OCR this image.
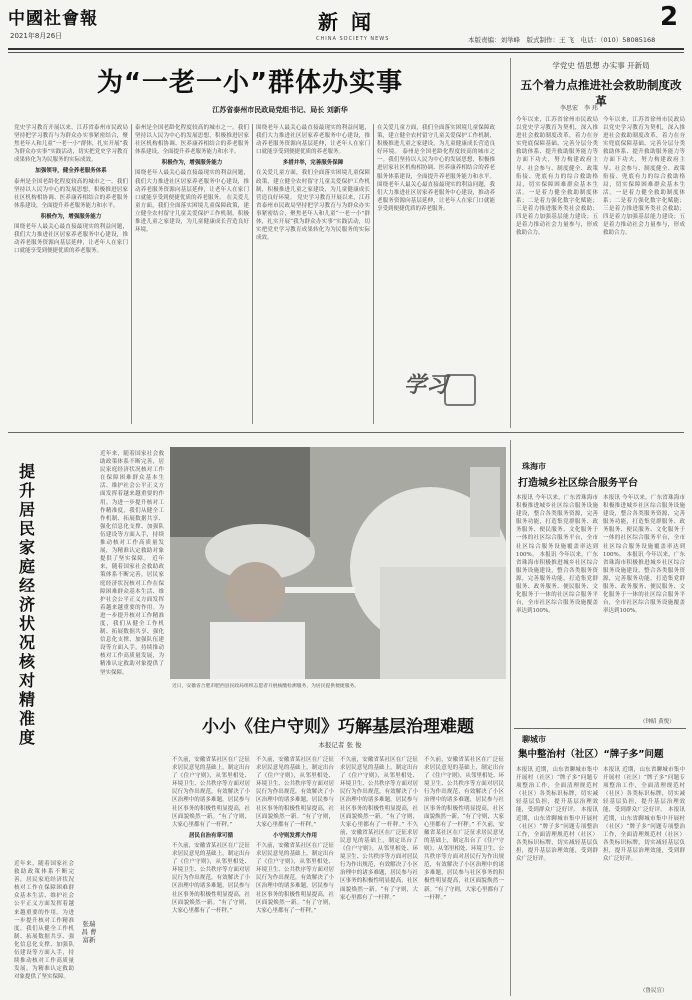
中國社會報
2021年8月26日
新 闻
CHINA SOCIETY NEWS	本版责编：刘举峰　版式制作：王 飞　电话：（010）58085168
2
为“一老一小”群体办实事
江苏省泰州市民政局党组书记、局长 刘新华
党史学习教育开展以来，江苏省泰州市民政局坚持把学习教育与为群众办实事紧密结合，聚焦老年人和儿童“一老一小”群体，扎实开展“我为群众办实事”实践活动，切实把党史学习教育成果转化为为民服务的实际成效。
加强领导，健全养老服务体系
泰州是全国老龄化程度较高的城市之一。我们坚持以人民为中心的发展思想，积极推进居家社区机构相协调、医养康养相结合的养老服务体系建设，全面提升养老服务能力和水平。
积极作为，增强服务能力
围绕老年人最关心最直接最现实的利益问题，我们大力推进社区居家养老服务中心建设，推动养老服务资源向基层延伸，让老年人在家门口就能享受到便捷优质的养老服务。
泰州是全国老龄化程度较高的城市之一。我们坚持以人民为中心的发展思想，积极推进居家社区机构相协调、医养康养相结合的养老服务体系建设，全面提升养老服务能力和水平。
积极作为，增强服务能力
围绕老年人最关心最直接最现实的利益问题，我们大力推进社区居家养老服务中心建设，推动养老服务资源向基层延伸，让老年人在家门口就能享受到便捷优质的养老服务。 在关爱儿童方面，我们全面落实困境儿童保障政策，建立健全农村留守儿童关爱保护工作机制，积极推进儿童之家建设，为儿童健康成长营造良好环境。
围绕老年人最关心最直接最现实的利益问题，我们大力推进社区居家养老服务中心建设，推动养老服务资源向基层延伸，让老年人在家门口就能享受到便捷优质的养老服务。
多措并举，完善服务保障
在关爱儿童方面，我们全面落实困境儿童保障政策，建立健全农村留守儿童关爱保护工作机制，积极推进儿童之家建设，为儿童健康成长营造良好环境。 党史学习教育开展以来，江苏省泰州市民政局坚持把学习教育与为群众办实事紧密结合，聚焦老年人和儿童“一老一小”群体，扎实开展“我为群众办实事”实践活动，切实把党史学习教育成果转化为为民服务的实际成效。
在关爱儿童方面，我们全面落实困境儿童保障政策，建立健全农村留守儿童关爱保护工作机制，积极推进儿童之家建设，为儿童健康成长营造良好环境。 泰州是全国老龄化程度较高的城市之一。我们坚持以人民为中心的发展思想，积极推进居家社区机构相协调、医养康养相结合的养老服务体系建设，全面提升养老服务能力和水平。 围绕老年人最关心最直接最现实的利益问题，我们大力推进社区居家养老服务中心建设，推动养老服务资源向基层延伸，让老年人在家门口就能享受到便捷优质的养老服务。
学习
学党史 悟思想 办实事 开新局
五个着力点推进社会救助制度改革
李思宏　李 玮
今年以来，江苏省徐州市民政局以党史学习教育为契机，深入推进社会救助制度改革，着力在夯实兜底保障基础、完善分层分类救助体系、提升救助服务能力等方面下功夫，努力构建政府主导、社会参与、制度健全、政策衔接、兜底有力的综合救助格局，切实保障困难群众基本生活。一是着力健全救助制度体系；二是着力强化数字化赋能；三是着力推进服务类社会救助；四是着力加强基层能力建设；五是着力推动社会力量参与，形成救助合力。
今年以来，江苏省徐州市民政局以党史学习教育为契机，深入推进社会救助制度改革，着力在夯实兜底保障基础、完善分层分类救助体系、提升救助服务能力等方面下功夫，努力构建政府主导、社会参与、制度健全、政策衔接、兜底有力的综合救助格局，切实保障困难群众基本生活。一是着力健全救助制度体系；二是着力强化数字化赋能；三是着力推进服务类社会救助；四是着力加强基层能力建设；五是着力推动社会力量参与，形成救助合力。
提升居民家庭经济状况核对精准度
张瑞昌 曹富新
近年来，随着国家社会救助政策体系不断完善，居民家庭经济状况核对工作在保障困难群众基本生活、维护社会公平正义方面发挥着越来越重要的作用。为进一步提升核对工作精准度，我们从健全工作机制、拓展数据共享、强化信息化支撑、加强队伍建设等方面入手，持续推动核对工作高质量发展，为精准认定救助对象提供了坚实保障。 近年来，随着国家社会救助政策体系不断完善，居民家庭经济状况核对工作在保障困难群众基本生活、维护社会公平正义方面发挥着越来越重要的作用。为进一步提升核对工作精准度，我们从健全工作机制、拓展数据共享、强化信息化支撑、加强队伍建设等方面入手，持续推动核对工作高质量发展，为精准认定救助对象提供了坚实保障。
近年来，随着国家社会救助政策体系不断完善，居民家庭经济状况核对工作在保障困难群众基本生活、维护社会公平正义方面发挥着越来越重要的作用。为进一步提升核对工作精准度，我们从健全工作机制、拓展数据共享、强化信息化支撑、加强队伍建设等方面入手，持续推动核对工作高质量发展，为精准认定救助对象提供了坚实保障。
近日，安徽省合肥市肥西县民政局组织志愿者开展核酸检测服务，为居民提供便捷服务。
小小《住户守则》巧解基层治理难题
本报记者 张 俊
不久前，安徽省某社区在广泛征求居民意见的基础上，制定出台了《住户守则》，从邻里相处、环境卫生、公共秩序等方面对居民行为作出规范，有效解决了小区治理中的诸多难题，居民参与社区事务的积极性明显提高，社区面貌焕然一新。“有了守则，大家心里都有了一杆秤。”
居民自治有章可循
不久前，安徽省某社区在广泛征求居民意见的基础上，制定出台了《住户守则》，从邻里相处、环境卫生、公共秩序等方面对居民行为作出规范，有效解决了小区治理中的诸多难题，居民参与社区事务的积极性明显提高，社区面貌焕然一新。“有了守则，大家心里都有了一杆秤。”
不久前，安徽省某社区在广泛征求居民意见的基础上，制定出台了《住户守则》，从邻里相处、环境卫生、公共秩序等方面对居民行为作出规范，有效解决了小区治理中的诸多难题，居民参与社区事务的积极性明显提高，社区面貌焕然一新。“有了守则，大家心里都有了一杆秤。”
小守则发挥大作用
不久前，安徽省某社区在广泛征求居民意见的基础上，制定出台了《住户守则》，从邻里相处、环境卫生、公共秩序等方面对居民行为作出规范，有效解决了小区治理中的诸多难题，居民参与社区事务的积极性明显提高，社区面貌焕然一新。“有了守则，大家心里都有了一杆秤。”
不久前，安徽省某社区在广泛征求居民意见的基础上，制定出台了《住户守则》，从邻里相处、环境卫生、公共秩序等方面对居民行为作出规范，有效解决了小区治理中的诸多难题，居民参与社区事务的积极性明显提高，社区面貌焕然一新。“有了守则，大家心里都有了一杆秤。” 不久前，安徽省某社区在广泛征求居民意见的基础上，制定出台了《住户守则》，从邻里相处、环境卫生、公共秩序等方面对居民行为作出规范，有效解决了小区治理中的诸多难题，居民参与社区事务的积极性明显提高，社区面貌焕然一新。“有了守则，大家心里都有了一杆秤。”
不久前，安徽省某社区在广泛征求居民意见的基础上，制定出台了《住户守则》，从邻里相处、环境卫生、公共秩序等方面对居民行为作出规范，有效解决了小区治理中的诸多难题，居民参与社区事务的积极性明显提高，社区面貌焕然一新。“有了守则，大家心里都有了一杆秤。” 不久前，安徽省某社区在广泛征求居民意见的基础上，制定出台了《住户守则》，从邻里相处、环境卫生、公共秩序等方面对居民行为作出规范，有效解决了小区治理中的诸多难题，居民参与社区事务的积极性明显提高，社区面貌焕然一新。“有了守则，大家心里都有了一杆秤。”
珠海市
打造城乡社区综合服务平台
本报讯 今年以来，广东省珠海市积极推进城乡社区综合服务设施建设，整合各类服务资源，完善服务功能，打造集党群服务、政务服务、便民服务、文化服务于一体的社区综合服务平台，全市社区综合服务设施覆盖率达到100%。 本报讯 今年以来，广东省珠海市积极推进城乡社区综合服务设施建设，整合各类服务资源，完善服务功能，打造集党群服务、政务服务、便民服务、文化服务于一体的社区综合服务平台，全市社区综合服务设施覆盖率达到100%。
本报讯 今年以来，广东省珠海市积极推进城乡社区综合服务设施建设，整合各类服务资源，完善服务功能，打造集党群服务、政务服务、便民服务、文化服务于一体的社区综合服务平台，全市社区综合服务设施覆盖率达到100%。 本报讯 今年以来，广东省珠海市积极推进城乡社区综合服务设施建设，整合各类服务资源，完善服务功能，打造集党群服务、政务服务、便民服务、文化服务于一体的社区综合服务平台，全市社区综合服务设施覆盖率达到100%。
（钟昭 黄悦）
聊城市
集中整治村（社区）“牌子多”问题
本报讯 近期，山东省聊城市集中开展村（社区）“牌子多”问题专项整治工作，全面清理规范村（社区）各类标识标牌，切实减轻基层负担，提升基层治理效能，受到群众广泛好评。 本报讯 近期，山东省聊城市集中开展村（社区）“牌子多”问题专项整治工作，全面清理规范村（社区）各类标识标牌，切实减轻基层负担，提升基层治理效能，受到群众广泛好评。
本报讯 近期，山东省聊城市集中开展村（社区）“牌子多”问题专项整治工作，全面清理规范村（社区）各类标识标牌，切实减轻基层负担，提升基层治理效能，受到群众广泛好评。 本报讯 近期，山东省聊城市集中开展村（社区）“牌子多”问题专项整治工作，全面清理规范村（社区）各类标识标牌，切实减轻基层负担，提升基层治理效能，受到群众广泛好评。
（鲁民宣）
